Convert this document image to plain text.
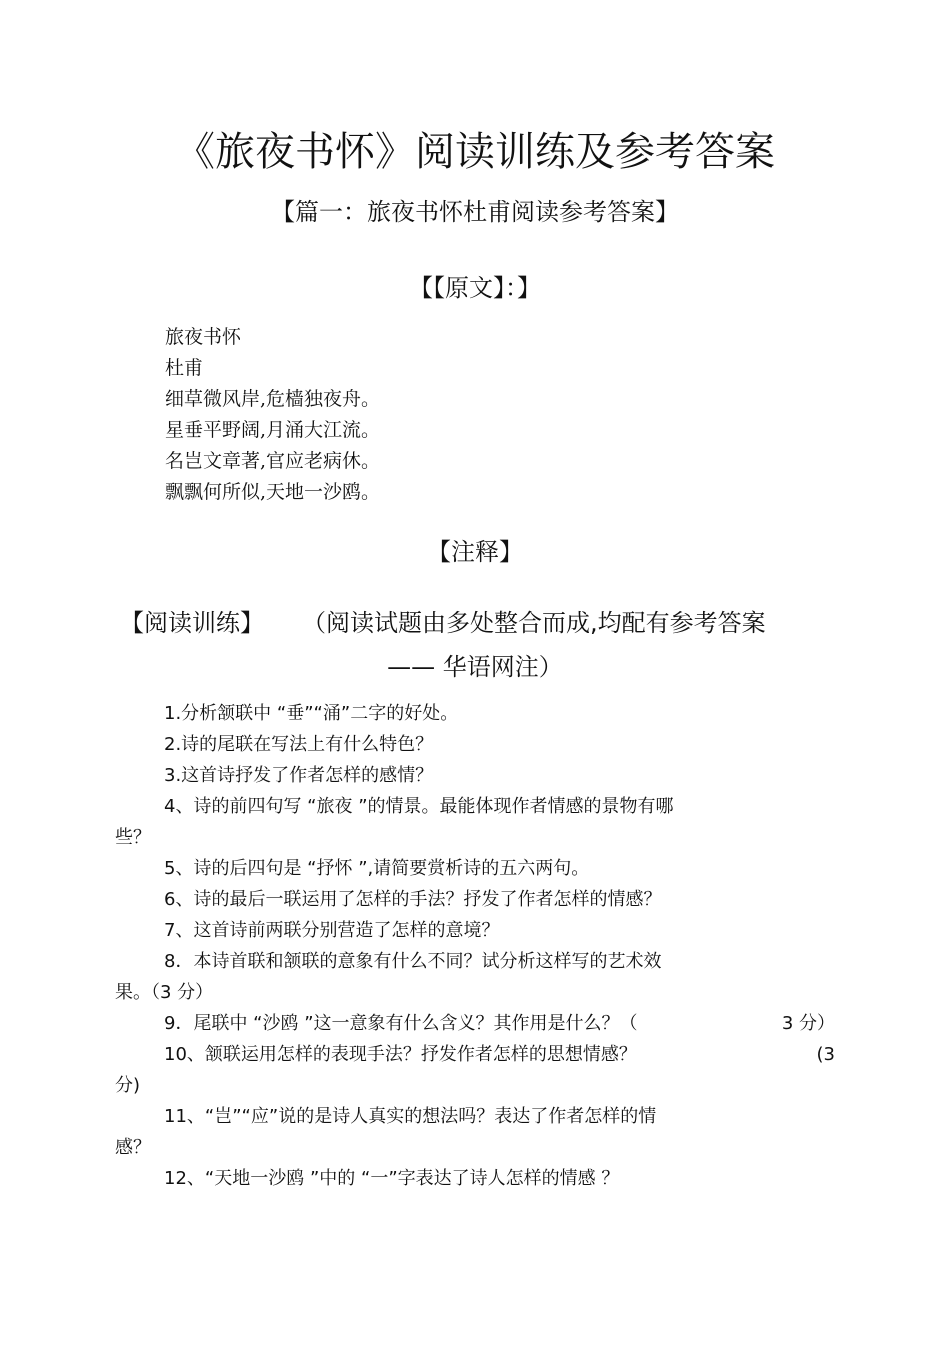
《旅夜书怀》阅读训练及参考答案
【篇一：旅夜书怀杜甫阅读参考答案】
【【原文】：】
旅夜书怀
杜甫
细草微风岸,危樯独夜舟。
星垂平野阔,月涌大江流。
名岂文章著,官应老病休。
飘飘何所似,天地一沙鸥。
【注释】
【阅读训练】 （阅读试题由多处整合而成,均配有参考答案
—— 华语网注）
1.分析颔联中 “垂”“涌”二字的好处。
2.诗的尾联在写法上有什么特色？
3.这首诗抒发了作者怎样的感情？
4、诗的前四句写 “旅夜 ”的情景。最能体现作者情感的景物有哪
些？
5、诗的后四句是 “抒怀 ”,请简要赏析诗的五六两句。
6、诗的最后一联运用了怎样的手法？抒发了作者怎样的情感？
7、这首诗前两联分别营造了怎样的意境？
8．本诗首联和颔联的意象有什么不同？试分析这样写的艺术效
果。（3 分）
9．尾联中 “沙鸥 ”这一意象有什么含义？其作用是什么？（	3 分）
10、颔联运用怎样的表现手法？抒发作者怎样的思想情感？	(3
分)
11、“岂”“应”说的是诗人真实的想法吗？表达了作者怎样的情
感？
12、“天地一沙鸥 ”中的 “一”字表达了诗人怎样的情感 ？
